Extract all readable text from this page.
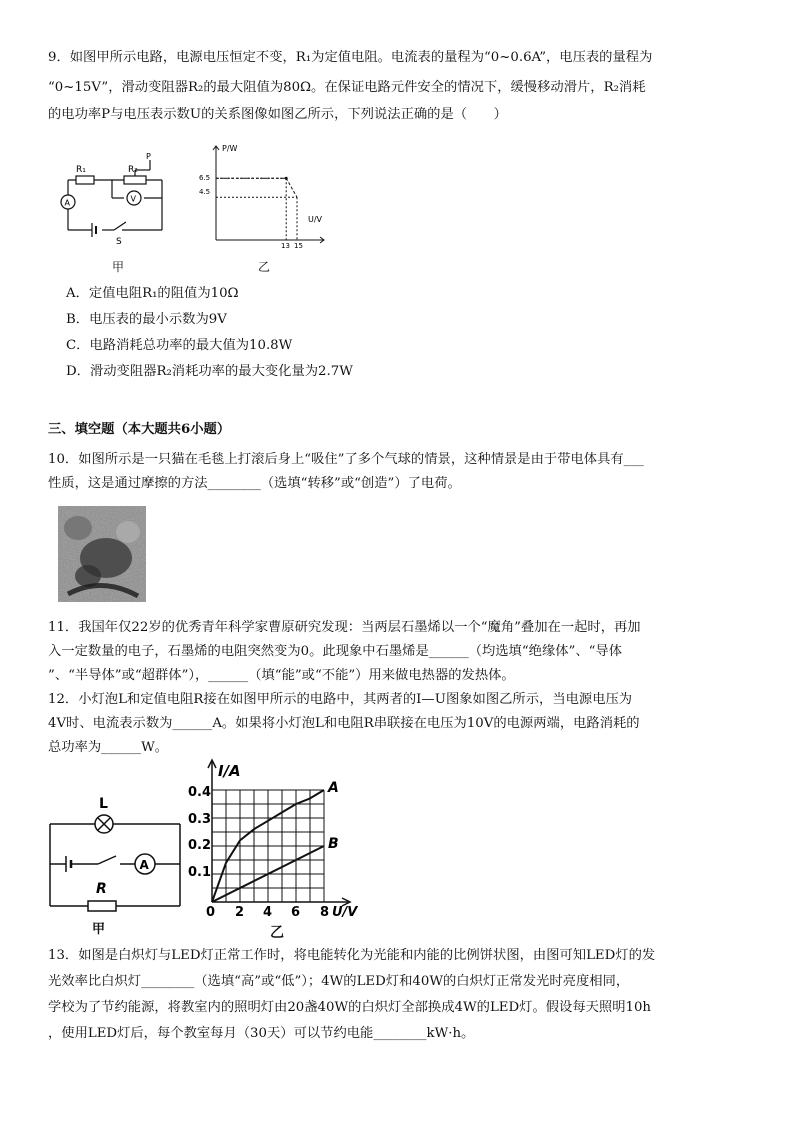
9．如图甲所示电路，电源电压恒定不变，R₁为定值电阻。电流表的量程为“0~0.6A”，电压表的量程为
“0~15V”，滑动变阻器R₂的最大阻值为80Ω。在保证电路元件安全的情况下，缓慢移动滑片，R₂消耗
的电功率P与电压表示数U的关系图像如图乙所示，下列说法正确的是（　　）
R₁	R₂
P
A	V
S
P/W
U/V
6.5
4.5
13 15
甲	乙
A．定值电阻R₁的阻值为10Ω
B．电压表的最小示数为9V
C．电路消耗总功率的最大值为10.8W
D．滑动变阻器R₂消耗功率的最大变化量为2.7W
三、填空题（本大题共6小题）
10．如图所示是一只猫在毛毯上打滚后身上“吸住”了多个气球的情景，这种情景是由于带电体具有___
性质，这是通过摩擦的方法________（选填“转移”或“创造”）了电荷。
11．我国年仅22岁的优秀青年科学家曹原研究发现：当两层石墨烯以一个“魔角”叠加在一起时，再加
入一定数量的电子，石墨烯的电阻突然变为0。此现象中石墨烯是______（均选填“绝缘体”、“导体
”、“半导体”或“超群体”），______（填“能”或“不能”）用来做电热器的发热体。
12．小灯泡L和定值电阻R接在如图甲所示的电路中，其两者的I—U图象如图乙所示，当电源电压为
4V时、电流表示数为______A。如果将小灯泡L和电阻R串联接在电压为10V的电源两端，电路消耗的
总功率为______W。
L
A
R
I/A
U/V
0.4
0.3
0.2
0.1
0 2 4 6 8
A
B
甲	乙
13．如图是白炽灯与LED灯正常工作时，将电能转化为光能和内能的比例饼状图，由图可知LED灯的发
光效率比白炽灯________（选填“高”或“低”）；4W的LED灯和40W的白炽灯正常发光时亮度相同，
学校为了节约能源，将教室内的照明灯由20盏40W的白炽灯全部换成4W的LED灯。假设每天照明10h
，使用LED灯后，每个教室每月（30天）可以节约电能________kW·h。
